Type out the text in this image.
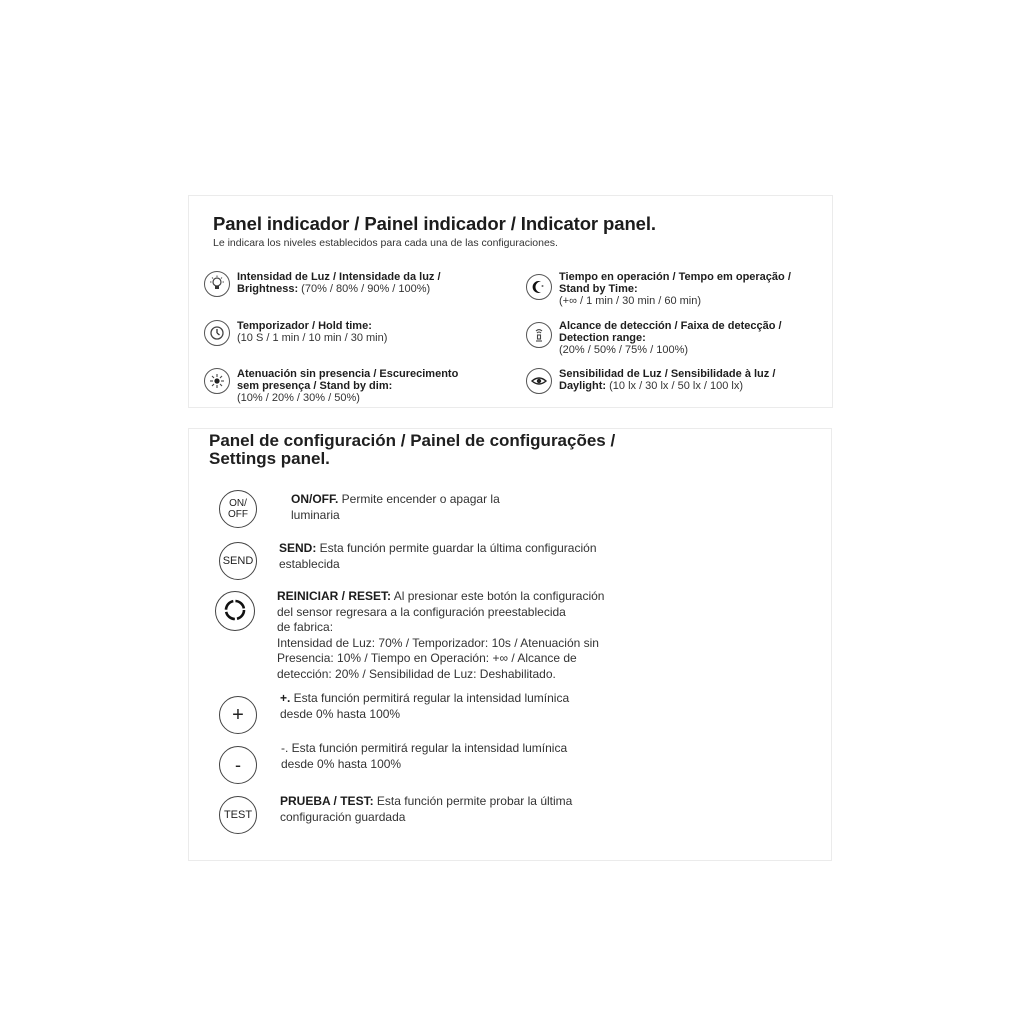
Panel indicador / Painel indicador / Indicator panel.
Le indicara los niveles establecidos para cada una de las configuraciones.
Intensidad de Luz / Intensidade da luz /
Brightness: (70% / 80% / 90% / 100%)
Temporizador / Hold time:
(10 S / 1 min / 10 min / 30 min)
Atenuación sin presencia / Escurecimento
sem presença / Stand by dim:
(10% / 20% / 30% / 50%)
Tiempo en operación / Tempo em operação /
Stand by Time:
(+∞ / 1 min / 30 min / 60 min)
Alcance de detección / Faixa de detecção /
Detection range:
(20% / 50% / 75% / 100%)
Sensibilidad de Luz / Sensibilidade à luz /
Daylight: (10 lx / 30 lx / 50 lx / 100 lx)
Panel de configuración / Painel de configurações /
Settings panel.
ON/
OFF
ON/OFF. Permite encender o apagar la
luminaria
SEND
SEND: Esta función permite guardar la última configuración
establecida
REINICIAR / RESET: Al presionar este botón la configuración
del sensor regresara a la configuración preestablecida
de fabrica:
Intensidad de Luz: 70% / Temporizador: 10s / Atenuación sin
Presencia: 10% / Tiempo en Operación: +∞ / Alcance de
detección: 20% / Sensibilidad de Luz: Deshabilitado.
+
+. Esta función permitirá regular la intensidad lumínica
desde 0% hasta 100%
-
-. Esta función permitirá regular la intensidad lumínica
desde 0% hasta 100%
TEST
PRUEBA / TEST: Esta función permite probar la última
configuración guardada
